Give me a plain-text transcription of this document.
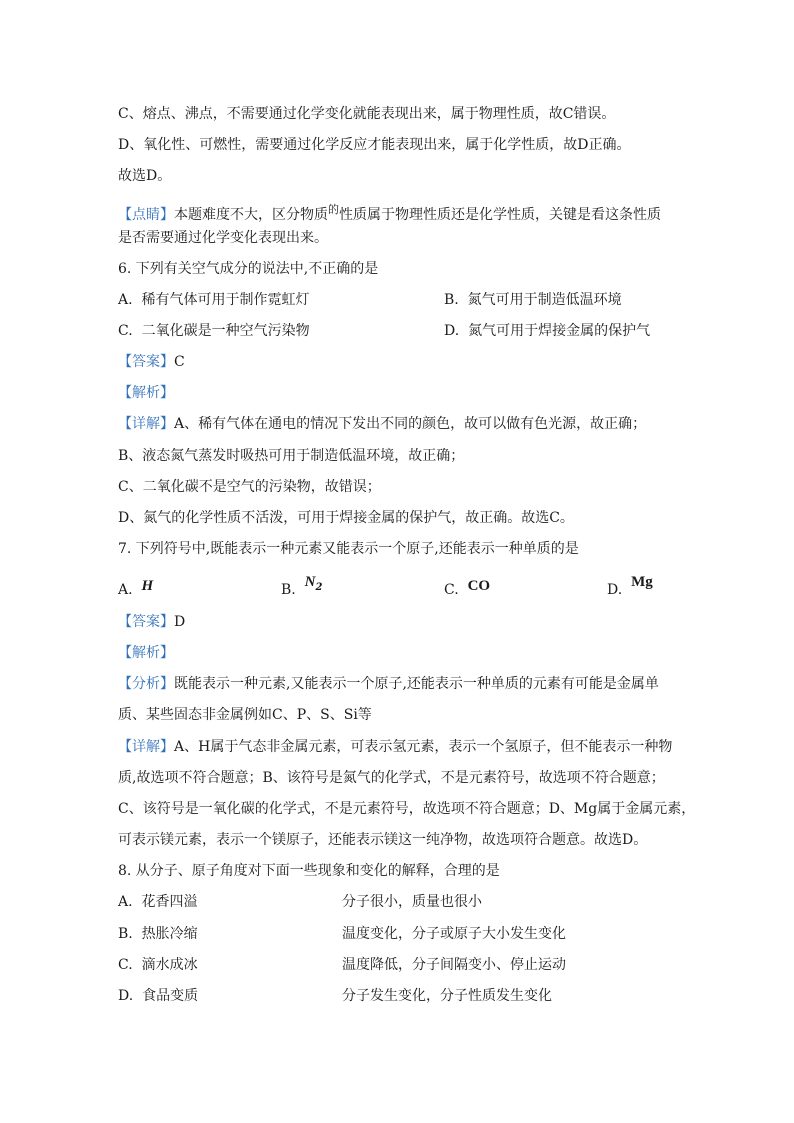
C、熔点、沸点，不需要通过化学变化就能表现出来，属于物理性质，故C错误。
D、氧化性、可燃性，需要通过化学反应才能表现出来，属于化学性质，故D正确。
故选D。
【点睛】本题难度不大，区分物质$^的$性质属于物理性质还是化学性质，关键是看这条性质
是否需要通过化学变化表现出来。
6. 下列有关空气成分的说法中,不正确的是
A. 稀有气体可用于制作霓虹灯	B. 氮气可用于制造低温环境
C. 二氧化碳是一种空气污染物	D. 氮气可用于焊接金属的保护气
【答案】C
【解析】
【详解】A、稀有气体在通电的情况下发出不同的颜色，故可以做有色光源，故正确；
B、液态氮气蒸发时吸热可用于制造低温环境，故正确；
C、二氧化碳不是空气的污染物，故错误；
D、氮气的化学性质不活泼，可用于焊接金属的保护气，故正确。故选C。
7. 下列符号中,既能表示一种元素又能表示一个原子,还能表示一种单质的是
A. H	B. $N_2$	C. CO	D. Mg
【答案】D
【解析】
【分析】既能表示一种元素,又能表示一个原子,还能表示一种单质的元素有可能是金属单
质、某些固态非金属例如C、P、S、Si等
【详解】A、H属于气态非金属元素，可表示氢元素，表示一个氢原子，但不能表示一种物
质,故选项不符合题意；B、该符号是氮气的化学式，不是元素符号，故选项不符合题意；
C、该符号是一氧化碳的化学式，不是元素符号，故选项不符合题意；D、Mg属于金属元素，
可表示镁元素，表示一个镁原子，还能表示镁这一纯净物，故选项符合题意。故选D。
8. 从分子、原子角度对下面一些现象和变化的解释，合理的是
A. 花香四溢	分子很小，质量也很小
B. 热胀冷缩	温度变化，分子或原子大小发生变化
C. 滴水成冰	温度降低，分子间隔变小、停止运动
D. 食品变质	分子发生变化，分子性质发生变化
